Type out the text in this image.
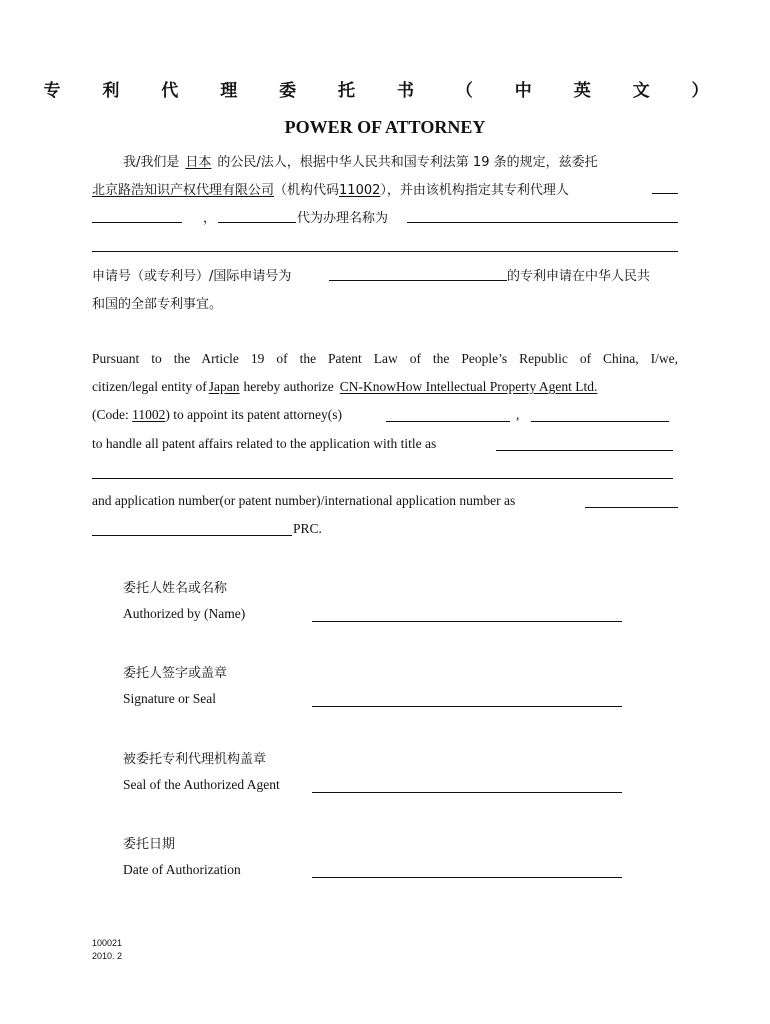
专 利 代 理 委 托 书 （ 中 英 文 ）
POWER OF ATTORNEY
我/我们是 日本 的公民/法人，根据中华人民共和国专利法第 19 条的规定，兹委托
北京路浩知识产权代理有限公司（机构代码11002），并由该机构指定其专利代理人
，	代为办理名称为
申请号（或专利号）/国际申请号为	的专利申请在中华人民共
和国的全部专利事宜。
Pursuant to the Article 19 of the Patent Law of the People’s Republic of China, I/we,
citizen/legal entity of Japan hereby authorize CN-KnowHow Intellectual Property Agent Ltd.
(Code: 11002) to appoint its patent attorney(s)	,
to handle all patent affairs related to the application with title as
and application number(or patent number)/international application number as
PRC.
委托人姓名或名称
Authorized by (Name)
委托人签字或盖章
Signature or Seal
被委托专利代理机构盖章
Seal of the Authorized Agent
委托日期
Date of Authorization
100021
2010. 2
